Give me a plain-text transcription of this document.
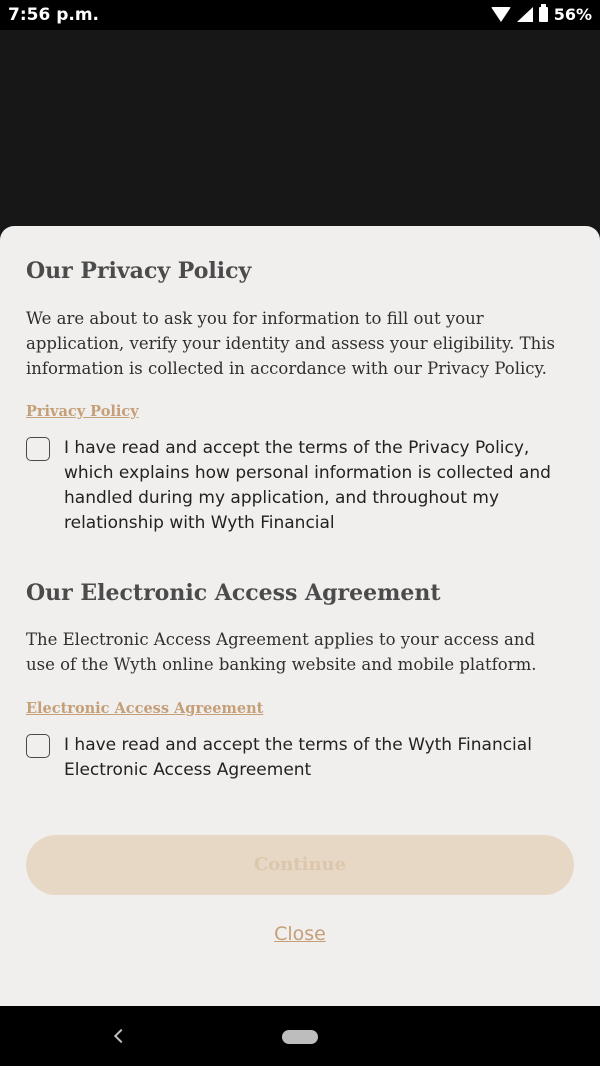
7:56 p.m.	56%
Our Privacy Policy

We are about to ask you for information to fill out your
application, verify your identity and assess your eligibility. This
information is collected in accordance with our Privacy Policy.

Privacy Policy

I have read and accept the terms of the Privacy Policy,
which explains how personal information is collected and
handled during my application, and throughout my
relationship with Wyth Financial

Our Electronic Access Agreement

The Electronic Access Agreement applies to your access and
use of the Wyth online banking website and mobile platform.

Electronic Access Agreement

I have read and accept the terms of the Wyth Financial
Electronic Access Agreement

Continue
Close
